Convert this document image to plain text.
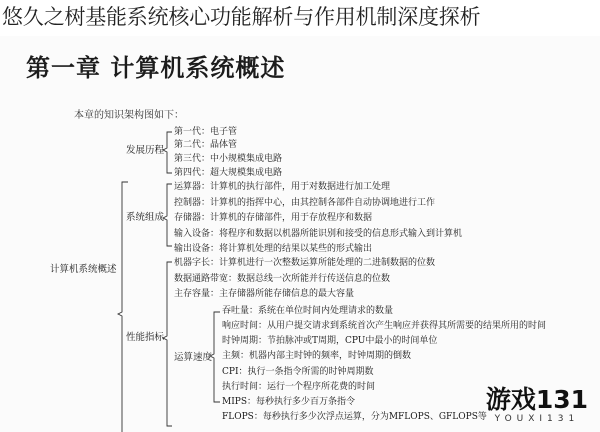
悠久之树基能系统核心功能解析与作用机制深度探析
第一章 计算机系统概述
本章的知识架构图如下：
计算机系统概述
发展历程
第一代：电子管
第二代：晶体管
第三代：中小规模集成电路
第四代：超大规模集成电路
系统组成
运算器：计算机的执行部件，用于对数据进行加工处理
控制器：计算机的指挥中心，由其控制各部件自动协调地进行工作
存储器：计算机的存储部件，用于存放程序和数据
输入设备：将程序和数据以机器所能识别和接受的信息形式输入到计算机
输出设备：将计算机处理的结果以某些的形式输出
性能指标
机器字长：计算机进行一次整数运算所能处理的二进制数据的位数
数据通路带宽：数据总线一次所能并行传送信息的位数
主存容量：主存储器所能存储信息的最大容量
运算速度
吞吐量：系统在单位时间内处理请求的数量
响应时间：从用户提交请求到系统首次产生响应并获得其所需要的结果所用的时间
时钟周期：节拍脉冲或T周期，CPU中最小的时间单位
主频：机器内部主时钟的频率，时钟周期的倒数
CPI：执行一条指令所需的时钟周期数
执行时间：运行一个程序所花费的时间
MIPS：每秒执行多少百万条指令
FLOPS：每秒执行多少次浮点运算，分为MFLOPS、GFLOPS等
游戏131
YOUXI131
